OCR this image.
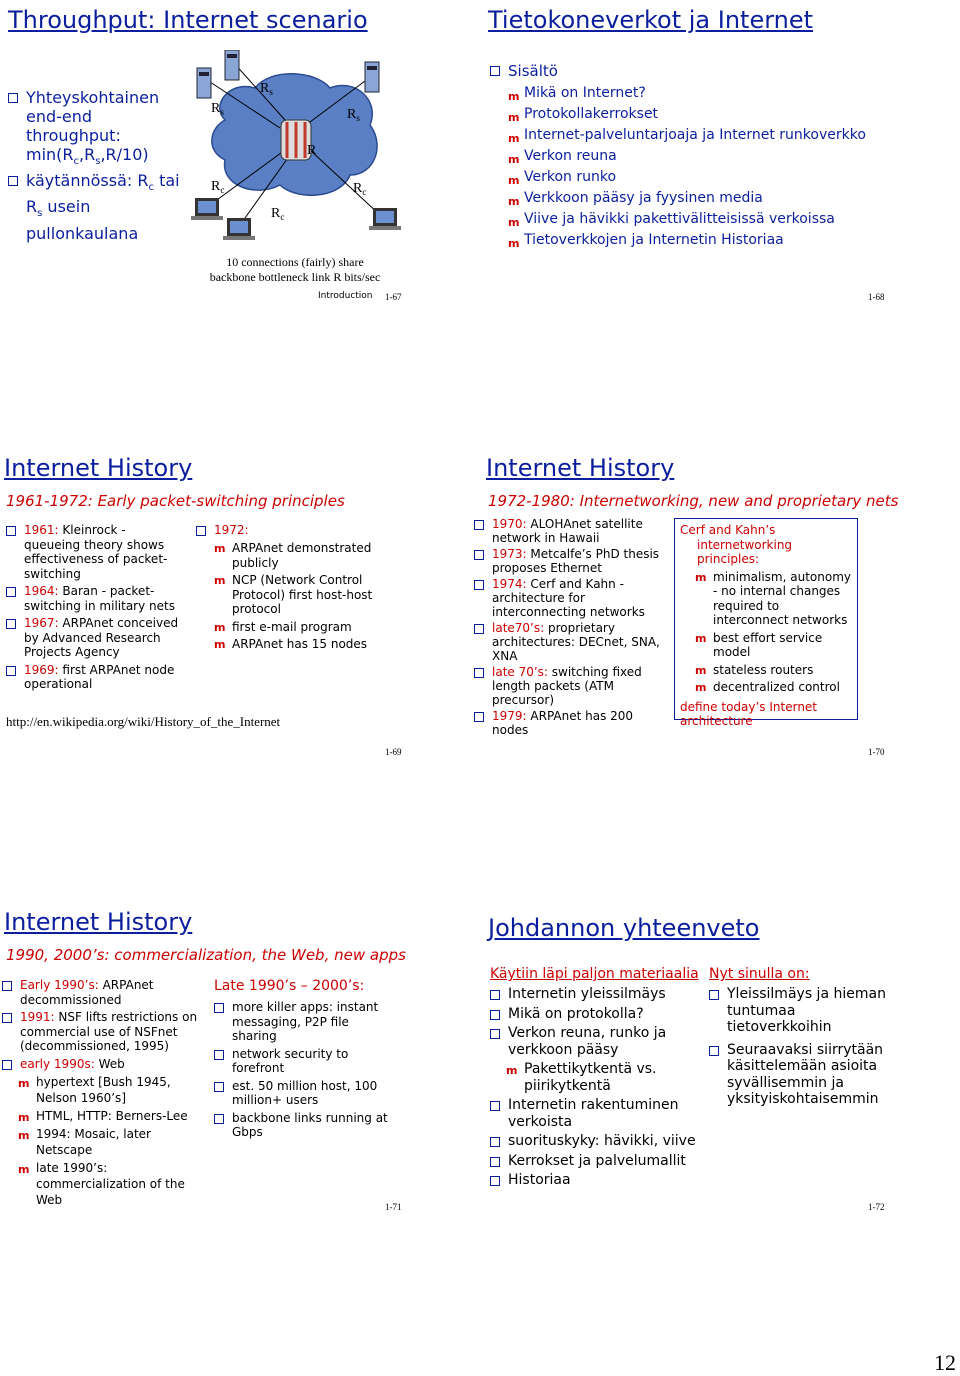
Throughput: Internet scenario
Yhteyskohtainen
end-end
throughput:
$\min(R_c,R_s,R/10)$
käytännössä: $R_c$ tai
$R_s$ usein
pullonkaulana
$R_s$
$R_s$
$R_s$
R
$R_c$
$R_c$
$R_c$
10 connections (fairly) share
backbone bottleneck link R bits/sec
Introduction 1-67
Tietokoneverkot ja Internet
Sisältö
m Mikä on Internet?
m Protokollakerrokset
m Internet-palveluntarjoaja ja Internet runkoverkko
m Verkon reuna
m Verkon runko
m Verkkoon pääsy ja fyysinen media
m Viive ja hävikki pakettivälitteisissä verkoissa
m Tietoverkkojen ja Internetin Historiaa
1-68
Internet History
1961-1972: Early packet-switching principles
1961: Kleinrock - queueing theory shows effectiveness of packet-switching
1964: Baran - packet-switching in military nets
1967: ARPAnet conceived by Advanced Research Projects Agency
1969: first ARPAnet node operational
1972:
m ARPAnet demonstrated publicly
m NCP (Network Control Protocol) first host-host protocol
m first e-mail program
m ARPAnet has 15 nodes
http://en.wikipedia.org/wiki/History_of_the_Internet
1-69
Internet History
1972-1980: Internetworking, new and proprietary nets
1970: ALOHAnet satellite network in Hawaii
1973: Metcalfe’s PhD thesis proposes Ethernet
1974: Cerf and Kahn - architecture for interconnecting networks
late70’s: proprietary architectures: DECnet, SNA, XNA
late 70’s: switching fixed length packets (ATM precursor)
1979: ARPAnet has 200 nodes
Cerf and Kahn’s
internetworking principles:
m minimalism, autonomy - no internal changes required to interconnect networks
m best effort service model
m stateless routers
m decentralized control
define today’s Internet architecture
1-70
Internet History
1990, 2000’s: commercialization, the Web, new apps
Early 1990’s: ARPAnet decommissioned
1991: NSF lifts restrictions on commercial use of NSFnet (decommissioned, 1995)
early 1990s: Web
m hypertext [Bush 1945, Nelson 1960’s]
m HTML, HTTP: Berners-Lee
m 1994: Mosaic, later Netscape
m late 1990’s: commercialization of the Web
Late 1990’s – 2000’s:
more killer apps: instant messaging, P2P file sharing
network security to forefront
est. 50 million host, 100 million+ users
backbone links running at Gbps
1-71
Johdannon yhteenveto
Käytiin läpi paljon materiaalia
Internetin yleissilmäys
Mikä on protokolla?
Verkon reuna, runko ja verkkoon pääsy
m Pakettikytkentä vs. piirikytkentä
Internetin rakentuminen verkoista
suorituskyky: hävikki, viive
Kerrokset ja palvelumallit
Historiaa
Nyt sinulla on:
Yleissilmäys ja hieman tuntumaa tietoverkkoihin
Seuraavaksi siirrytään käsittelemään asioita syvällisemmin ja yksityiskohtaisemmin
1-72
12
